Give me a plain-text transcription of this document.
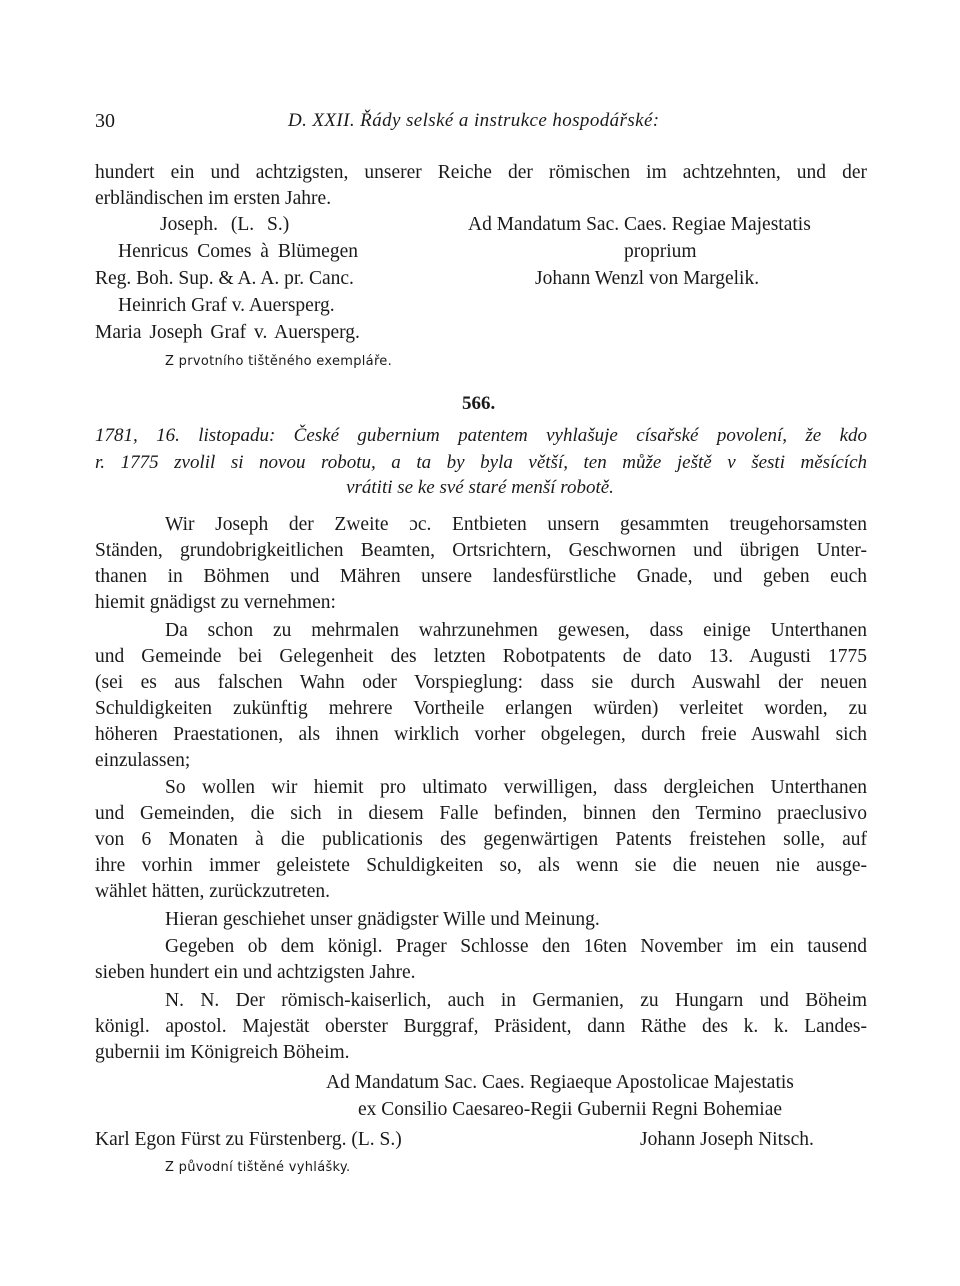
30	D. XXII. Řády selské a instrukce hospodářské:
hundert ein und achtzigsten, unserer Reiche der römischen im achtzehnten, und der
erbländischen im ersten Jahre.
Joseph. (L. S.)
Henricus Comes à Blümegen
Reg. Boh. Sup. & A. A. pr. Canc.
Heinrich Graf v. Auersperg.
Maria Joseph Graf v. Auersperg.
Ad Mandatum Sac. Caes. Regiae Majestatis
proprium
Johann Wenzl von Margelik.
Z prvotního tištěného exempláře.
566.
1781, 16. listopadu: České gubernium patentem vyhlašuje císařské povolení, že kdo
r. 1775 zvolil si novou robotu, a ta by byla větší, ten může ještě v šesti měsících
vrátiti se ke své staré menší robotě.
Wir Joseph der Zweite ɔc. Entbieten unsern gesammten treugehorsamsten
Ständen, grundobrigkeitlichen Beamten, Ortsrichtern, Geschwornen und übrigen Unter-
thanen in Böhmen und Mähren unsere landesfürstliche Gnade, und geben euch
hiemit gnädigst zu vernehmen:
Da schon zu mehrmalen wahrzunehmen gewesen, dass einige Unterthanen
und Gemeinde bei Gelegenheit des letzten Robotpatents de dato 13. Augusti 1775
(sei es aus falschen Wahn oder Vorspieglung: dass sie durch Auswahl der neuen
Schuldigkeiten zukünftig mehrere Vortheile erlangen würden) verleitet worden, zu
höheren Praestationen, als ihnen wirklich vorher obgelegen, durch freie Auswahl sich
einzulassen;
So wollen wir hiemit pro ultimato verwilligen, dass dergleichen Unterthanen
und Gemeinden, die sich in diesem Falle befinden, binnen den Termino praeclusivo
von 6 Monaten à die publicationis des gegenwärtigen Patents freistehen solle, auf
ihre vorhin immer geleistete Schuldigkeiten so, als wenn sie die neuen nie ausge-
wählet hätten, zurückzutreten.
Hieran geschiehet unser gnädigster Wille und Meinung.
Gegeben ob dem königl. Prager Schlosse den 16ten November im ein tausend
sieben hundert ein und achtzigsten Jahre.
N. N. Der römisch-kaiserlich, auch in Germanien, zu Hungarn und Böheim
königl. apostol. Majestät oberster Burggraf, Präsident, dann Räthe des k. k. Landes-
gubernii im Königreich Böheim.
Ad Mandatum Sac. Caes. Regiaeque Apostolicae Majestatis
ex Consilio Caesareo-Regii Gubernii Regni Bohemiae
Karl Egon Fürst zu Fürstenberg. (L. S.)	Johann Joseph Nitsch.
Z původní tištěné vyhlášky.
